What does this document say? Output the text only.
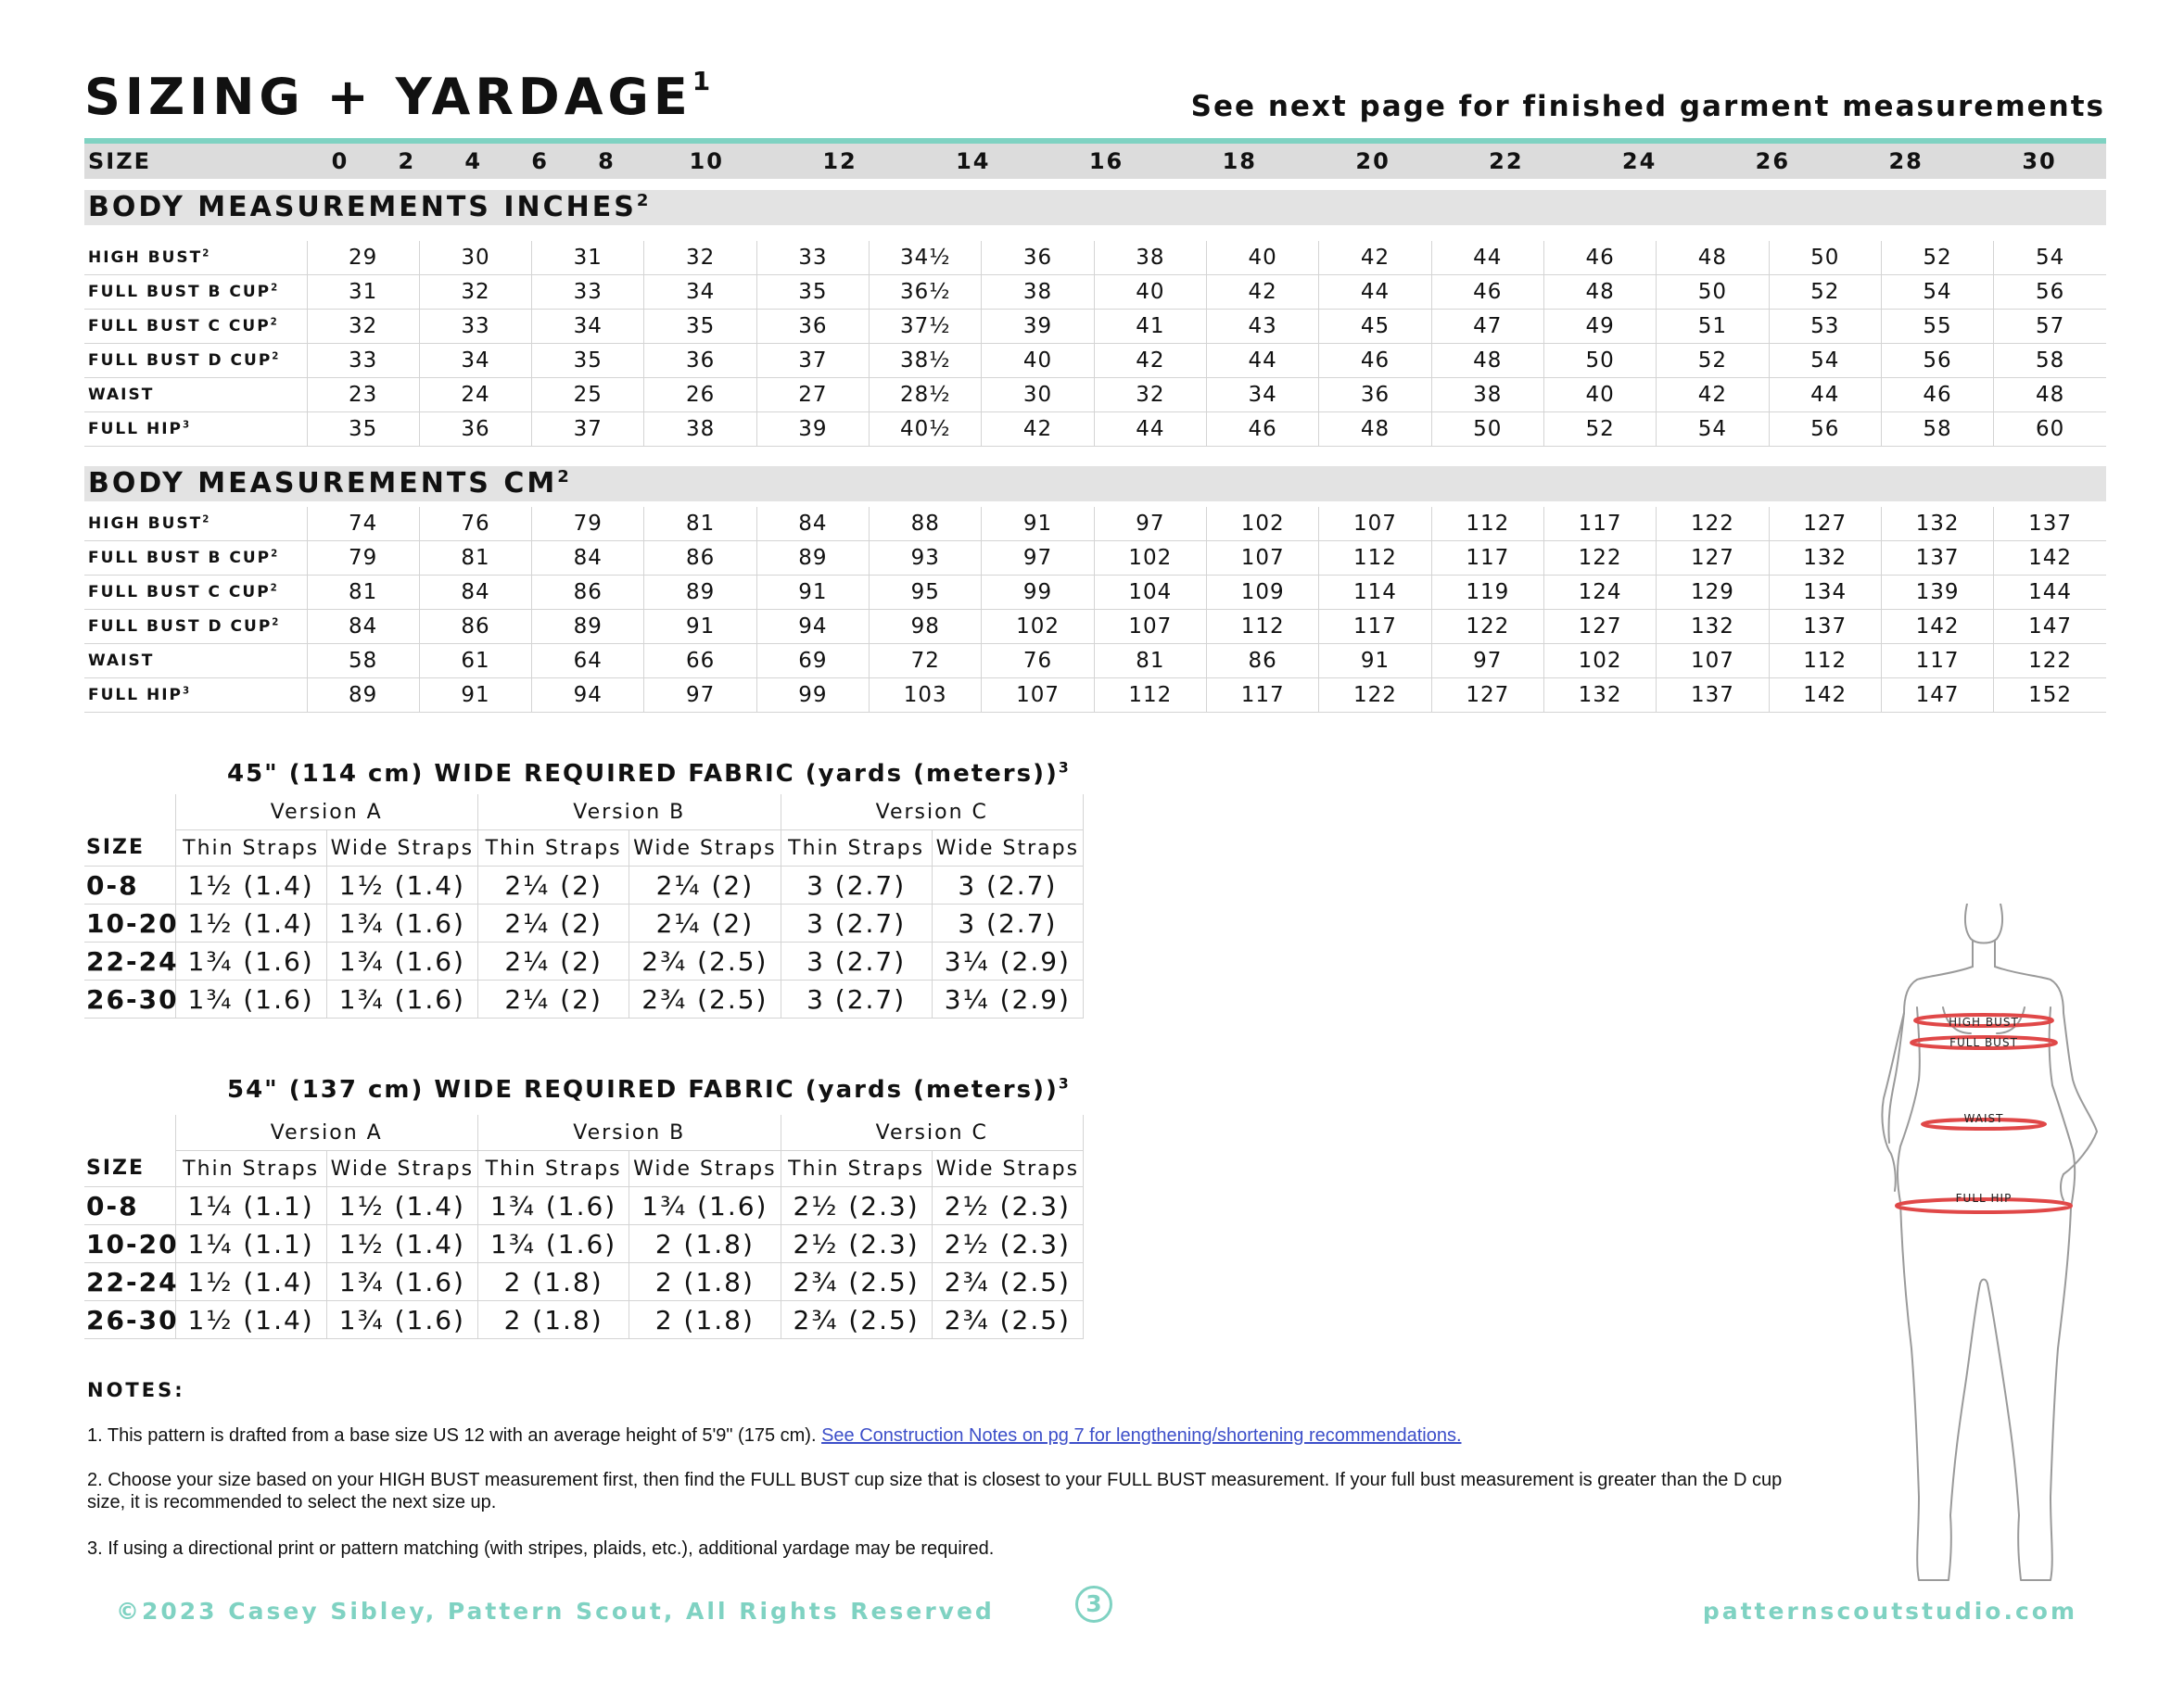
SIZING + $YARDAGE^1$
See next page for finished garment measurements
SIZE	0	2	4	6	8	10	12	14	16	18	20	22	24	26	28	30
BODY MEASUREMENTS INCHES$^2$
HIGH BUST$^2$	29	30	31	32	33	34½	36	38	40	42	44	46	48	50	52	54
FULL BUST B CUP$^2$	31	32	33	34	35	36½	38	40	42	44	46	48	50	52	54	56
FULL BUST C CUP$^2$	32	33	34	35	36	37½	39	41	43	45	47	49	51	53	55	57
FULL BUST D CUP$^2$	33	34	35	36	37	38½	40	42	44	46	48	50	52	54	56	58
WAIST	23	24	25	26	27	28½	30	32	34	36	38	40	42	44	46	48
FULL HIP$^3$	35	36	37	38	39	40½	42	44	46	48	50	52	54	56	58	60
BODY MEASUREMENTS $CM^2$
HIGH BUST$^2$	74	76	79	81	84	88	91	97	102	107	112	117	122	127	132	137
FULL BUST B CUP$^2$	79	81	84	86	89	93	97	102	107	112	117	122	127	132	137	142
FULL BUST C CUP$^2$	81	84	86	89	91	95	99	104	109	114	119	124	129	134	139	144
FULL BUST D CUP$^2$	84	86	89	91	94	98	102	107	112	117	122	127	132	137	142	147
WAIST	58	61	64	66	69	72	76	81	86	91	97	102	107	112	117	122
FULL HIP$^3$	89	91	94	97	99	103	107	112	117	122	127	132	137	142	147	152
45" (114 cm) WIDE REQUIRED FABRIC (yards (meters))$^3$
	Version A		Version B		Version C	
SIZE	Thin Straps	Wide Straps	Thin Straps	Wide Straps	Thin Straps	Wide Straps
0-8	1½ (1.4)	1½ (1.4)	2¼ (2)	2¼ (2)	3 (2.7)	3 (2.7)
10-20	1½ (1.4)	1¾ (1.6)	2¼ (2)	2¼ (2)	3 (2.7)	3 (2.7)
22-24	1¾ (1.6)	1¾ (1.6)	2¼ (2)	2¾ (2.5)	3 (2.7)	3¼ (2.9)
26-30	1¾ (1.6)	1¾ (1.6)	2¼ (2)	2¾ (2.5)	3 (2.7)	3¼ (2.9)
54" (137 cm) WIDE REQUIRED FABRIC (yards (meters))$^3$
	Version A		Version B		Version C	
SIZE	Thin Straps	Wide Straps	Thin Straps	Wide Straps	Thin Straps	Wide Straps
0-8	1¼ (1.1)	1½ (1.4)	1¾ (1.6)	1¾ (1.6)	2½ (2.3)	2½ (2.3)
10-20	1¼ (1.1)	1½ (1.4)	1¾ (1.6)	2 (1.8)	2½ (2.3)	2½ (2.3)
22-24	1½ (1.4)	1¾ (1.6)	2 (1.8)	2 (1.8)	2¾ (2.5)	2¾ (2.5)
26-30	1½ (1.4)	1¾ (1.6)	2 (1.8)	2 (1.8)	2¾ (2.5)	2¾ (2.5)
NOTES:
1. This pattern is drafted from a base size US 12 with an average height of 5'9" (175 cm). See Construction Notes on pg 7 for lengthening/shortening recommendations.
2. Choose your size based on your HIGH BUST measurement first, then find the FULL BUST cup size that is closest to your FULL BUST measurement. If your full bust measurement is greater than the D cup size, it is recommended to select the next size up.
3. If using a directional print or pattern matching (with stripes, plaids, etc.), additional yardage may be required.
HIGH BUST
FULL BUST
WAIST
FULL HIP
©2023 Casey Sibley, Pattern Scout, All Rights Reserved	3	patternscoutstudio.com
